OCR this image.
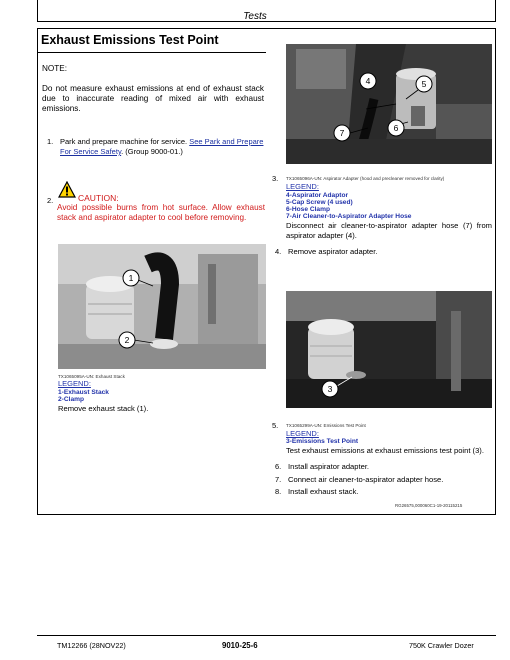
Tests
Exhaust Emissions Test Point
NOTE:
Do not measure exhaust emissions at end of exhaust stack due to inaccurate reading of mixed air with exhaust emissions.
1. Park and prepare machine for service. See Park and Prepare For Service Safety. (Group 9000-01.)
2.	CAUTION:
Avoid possible burns from hot surface. Allow exhaust stack and aspirator adapter to cool before removing.
4	5
6
7
3. TX1065096A-UN: Aspirator Adapter (hood and precleaner removed for clarity)
LEGEND:
4-Aspirator Adaptor
5-Cap Screw (4 used)
6-Hose Clamp
7-Air Cleaner-to-Aspirator Adapter Hose
Disconnect air cleaner-to-aspirator adapter hose (7) from aspirator adapter (4).
4. Remove aspirator adapter.
1
2
TX1065095A-UN: Exhaust Stack
LEGEND:
1-Exhaust Stack
2-Clamp
Remove exhaust stack (1).
3
5. TX1065299A-UN: Emissions Test Point
LEGEND:
3-Emissions Test Point
Test exhaust emissions at exhaust emissions test point (3).
6. Install aspirator adapter.
7. Connect air cleaner-to-aspirator adapter hose.
8. Install exhaust stack.
RG26575,000060C1-19-20115215
TM12266 (28NOV22)	9010-25-6	750K Crawler Dozer
